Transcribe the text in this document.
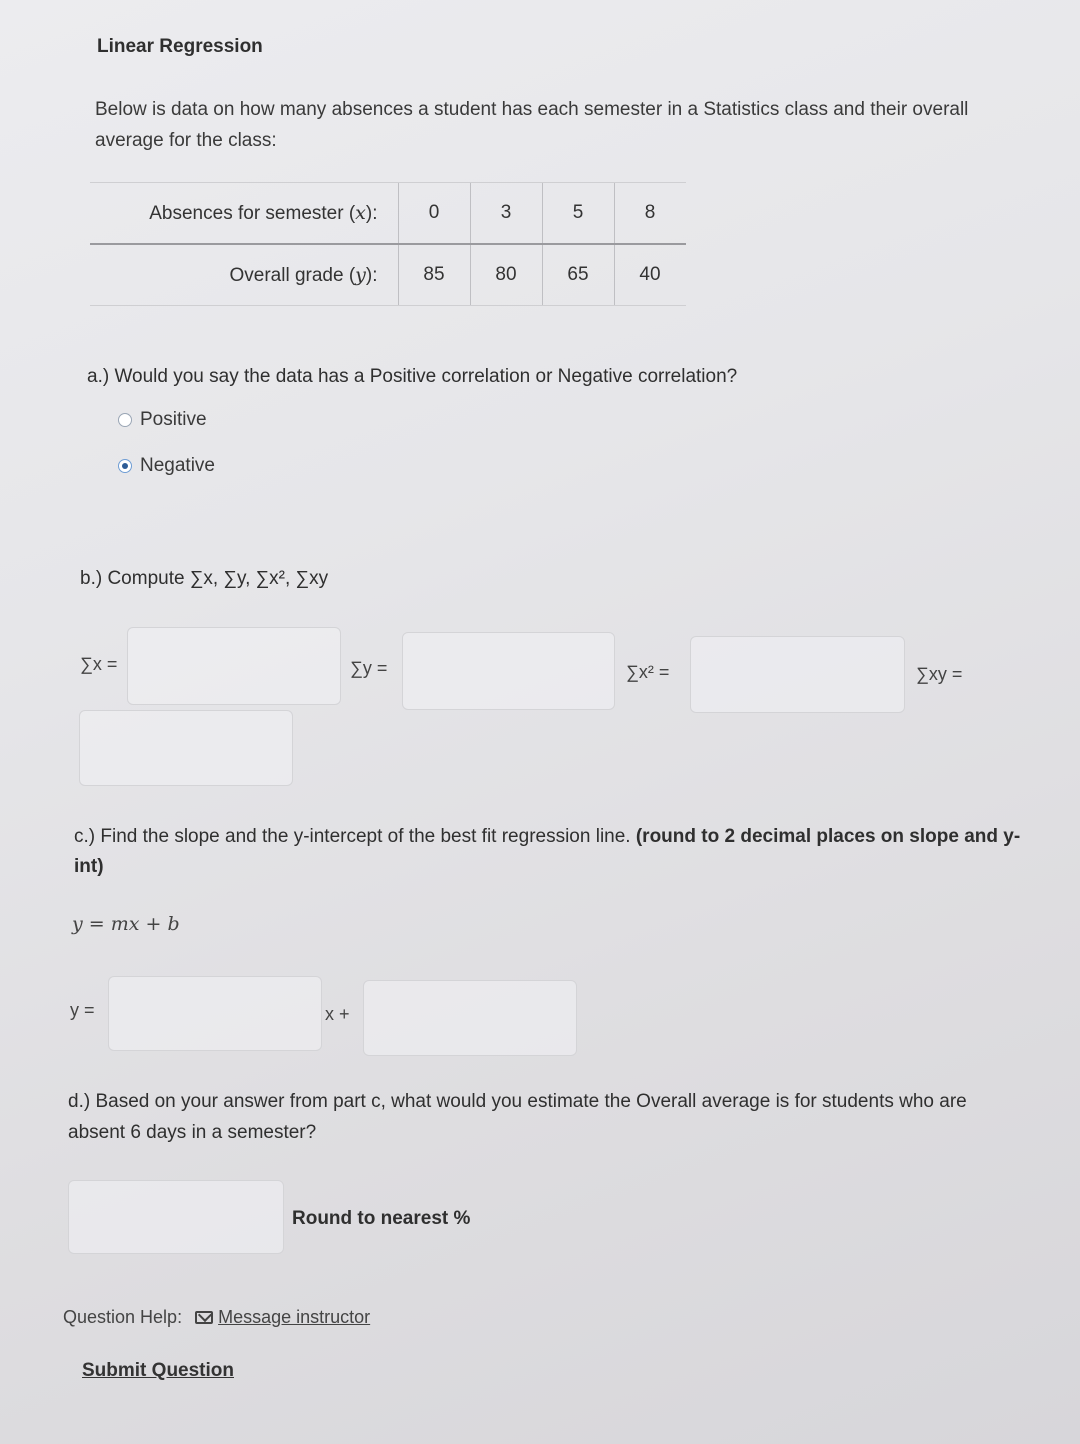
Linear Regression
Below is data on how many absences a student has each semester in a Statistics class and their overall average for the class:
Absences for semester (x):	0	3	5	8
Overall grade (y):	85	80	65	40
a.) Would you say the data has a Positive correlation or Negative correlation?
Positive
Negative
b.) Compute ∑x, ∑y, ∑x², ∑xy
∑x =	∑y =	∑x² =	∑xy =
c.) Find the slope and the y-intercept of the best fit regression line. (round to 2 decimal places on slope and y-int)
y = mx + b
y =	x +
d.) Based on your answer from part c, what would you estimate the Overall average is for students who are absent 6 days in a semester?
Round to nearest %
Question Help: Message instructor
Submit Question
